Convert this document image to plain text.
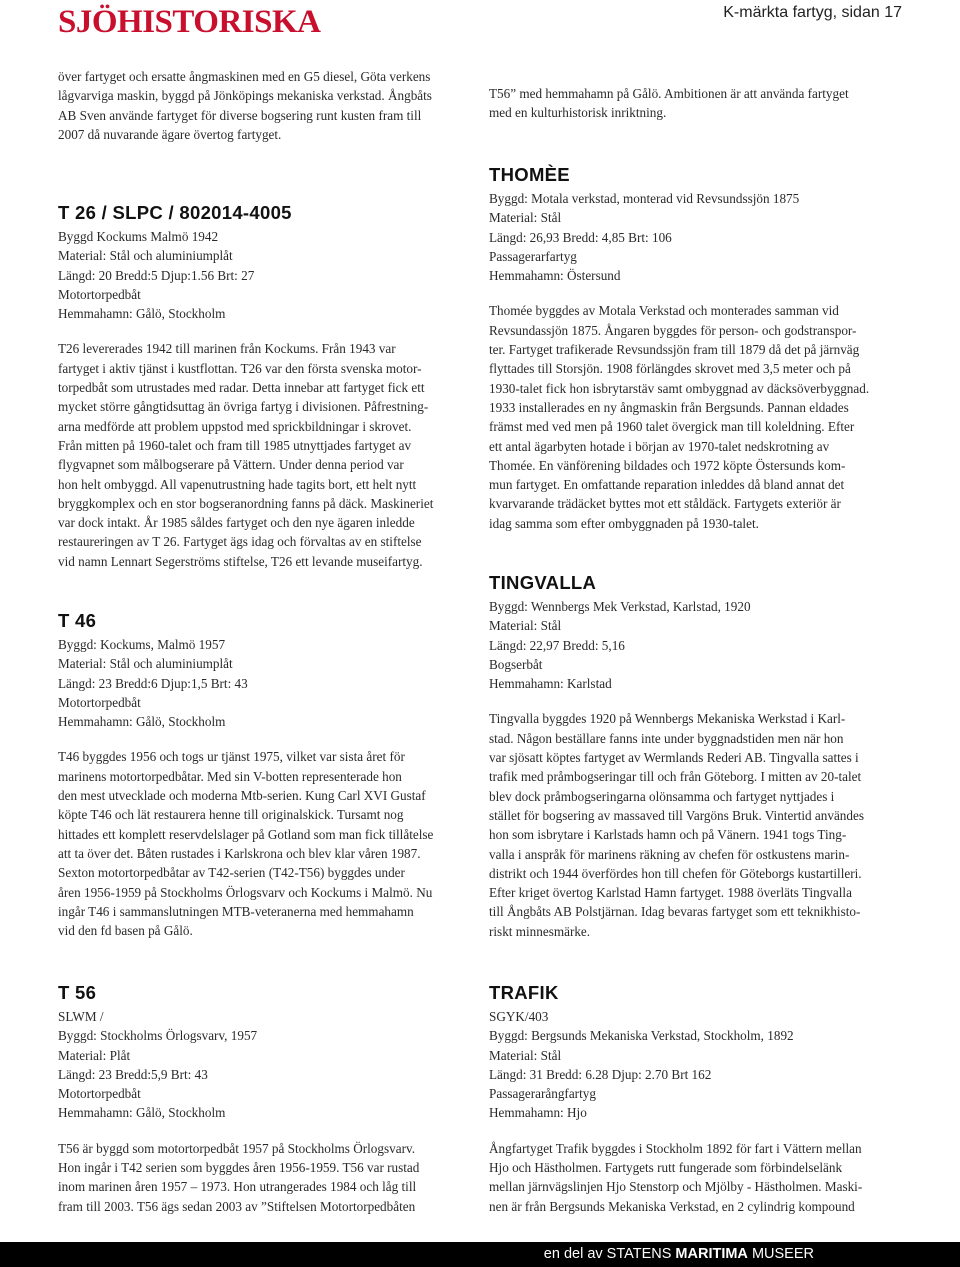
SJÖHISTORISKA	K-märkta fartyg, sidan 17

över fartyget och ersatte ångmaskinen med en G5 diesel, Göta verkens

lågvarviga maskin, byggd på Jönköpings mekaniska verkstad. Ångbåts

AB Sven använde fartyget för diverse bogsering runt kusten fram till

2007 då nuvarande ägare övertog fartyget.

T 26 / SLPC / 802014-4005

Byggd Kockums Malmö 1942

Material: Stål och aluminiumplåt

Längd: 20 Bredd:5 Djup:1.56 Brt: 27

Motortorpedbåt

Hemmahamn: Gålö, Stockholm

T26 levererades 1942 till marinen från Kockums. Från 1943 var

fartyget i aktiv tjänst i kustflottan. T26 var den första svenska motor-

torpedbåt som utrustades med radar. Detta innebar att fartyget fick ett

mycket större gångtidsuttag än övriga fartyg i divisionen. Påfrestning-

arna medförde att problem uppstod med sprickbildningar i skrovet.

Från mitten på 1960-talet och fram till 1985 utnyttjades fartyget av

flygvapnet som målbogserare på Vättern. Under denna period var

hon helt ombyggd. All vapenutrustning hade tagits bort, ett helt nytt

bryggkomplex och en stor bogseranordning fanns på däck. Maskineriet

var dock intakt. År 1985 såldes fartyget och den nye ägaren inledde

restaureringen av T 26. Fartyget ägs idag och förvaltas av en stiftelse

vid namn Lennart Segerströms stiftelse, T26 ett levande museifartyg.

T 46

Byggd: Kockums, Malmö 1957

Material: Stål och aluminiumplåt

Längd: 23 Bredd:6 Djup:1,5 Brt: 43

Motortorpedbåt

Hemmahamn: Gålö, Stockholm

T46 byggdes 1956 och togs ur tjänst 1975, vilket var sista året för

marinens motortorpedbåtar. Med sin V-botten representerade hon

den mest utvecklade och moderna Mtb-serien. Kung Carl XVI Gustaf

köpte T46 och lät restaurera henne till originalskick. Tursamt nog

hittades ett komplett reservdelslager på Gotland som man fick tillåtelse

att ta över det. Båten rustades i Karlskrona och blev klar våren 1987.

Sexton motortorpedbåtar av T42-serien (T42-T56) byggdes under

åren 1956-1959 på Stockholms Örlogsvarv och Kockums i Malmö. Nu

ingår T46 i sammanslutningen MTB-veteranerna med hemmahamn

vid den fd basen på Gålö.

T 56

SLWM /

Byggd: Stockholms Örlogsvarv, 1957

Material: Plåt

Längd: 23 Bredd:5,9 Brt: 43

Motortorpedbåt

Hemmahamn: Gålö, Stockholm

T56 är byggd som motortorpedbåt 1957 på Stockholms Örlogsvarv.

Hon ingår i T42 serien som byggdes åren 1956-1959. T56 var rustad

inom marinen åren 1957 – 1973. Hon utrangerades 1984 och låg till

fram till 2003. T56 ägs sedan 2003 av ”Stiftelsen Motortorpedbåten

T56” med hemmahamn på Gålö. Ambitionen är att använda fartyget

med en kulturhistorisk inriktning.

THOMÈE

Byggd: Motala verkstad, monterad vid Revsundssjön 1875

Material: Stål

Längd: 26,93 Bredd: 4,85 Brt: 106

Passagerarfartyg

Hemmahamn: Östersund

Thomée byggdes av Motala Verkstad och monterades samman vid

Revsundassjön 1875. Ångaren byggdes för person- och godstranspor-

ter. Fartyget trafikerade Revsundssjön fram till 1879 då det på järnväg

flyttades till Storsjön. 1908 förlängdes skrovet med 3,5 meter och på

1930-talet fick hon isbrytarstäv samt ombyggnad av däcksöverbyggnad.

1933 installerades en ny ångmaskin från Bergsunds. Pannan eldades

främst med ved men på 1960 talet övergick man till koleldning. Efter

ett antal ägarbyten hotade i början av 1970-talet nedskrotning av

Thomée. En vänförening bildades och 1972 köpte Östersunds kom-

mun fartyget. En omfattande reparation inleddes då bland annat det

kvarvarande trädäcket byttes mot ett ståldäck. Fartygets exteriör är

idag samma som efter ombyggnaden på 1930-talet.

TINGVALLA

Byggd: Wennbergs Mek Verkstad, Karlstad, 1920

Material: Stål

Längd: 22,97 Bredd: 5,16

Bogserbåt

Hemmahamn: Karlstad

Tingvalla byggdes 1920 på Wennbergs Mekaniska Werkstad i Karl-

stad. Någon beställare fanns inte under byggnadstiden men när hon

var sjösatt köptes fartyget av Wermlands Rederi AB. Tingvalla sattes i

trafik med pråmbogseringar till och från Göteborg. I mitten av 20-talet

blev dock pråmbogseringarna olönsamma och fartyget nyttjades i

stället för bogsering av massaved till Vargöns Bruk. Vintertid användes

hon som isbrytare i Karlstads hamn och på Vänern. 1941 togs Ting-

valla i anspråk för marinens räkning av chefen för ostkustens marin-

distrikt och 1944 överfördes hon till chefen för Göteborgs kustartilleri.

Efter kriget övertog Karlstad Hamn fartyget. 1988 överläts Tingvalla

till Ångbåts AB Polstjärnan. Idag bevaras fartyget som ett teknikhisto-

riskt minnesmärke.

TRAFIK

SGYK/403

Byggd: Bergsunds Mekaniska Verkstad, Stockholm, 1892

Material: Stål

Längd: 31 Bredd: 6.28 Djup: 2.70 Brt 162

Passagerarångfartyg

Hemmahamn: Hjo

Ångfartyget Trafik byggdes i Stockholm 1892 för fart i Vättern mellan

Hjo och Hästholmen. Fartygets rutt fungerade som förbindelselänk

mellan järnvägslinjen Hjo Stenstorp och Mjölby - Hästholmen. Maski-

nen är från Bergsunds Mekaniska Verkstad, en 2 cylindrig kompound

en del av STATENS MARITIMA MUSEER
